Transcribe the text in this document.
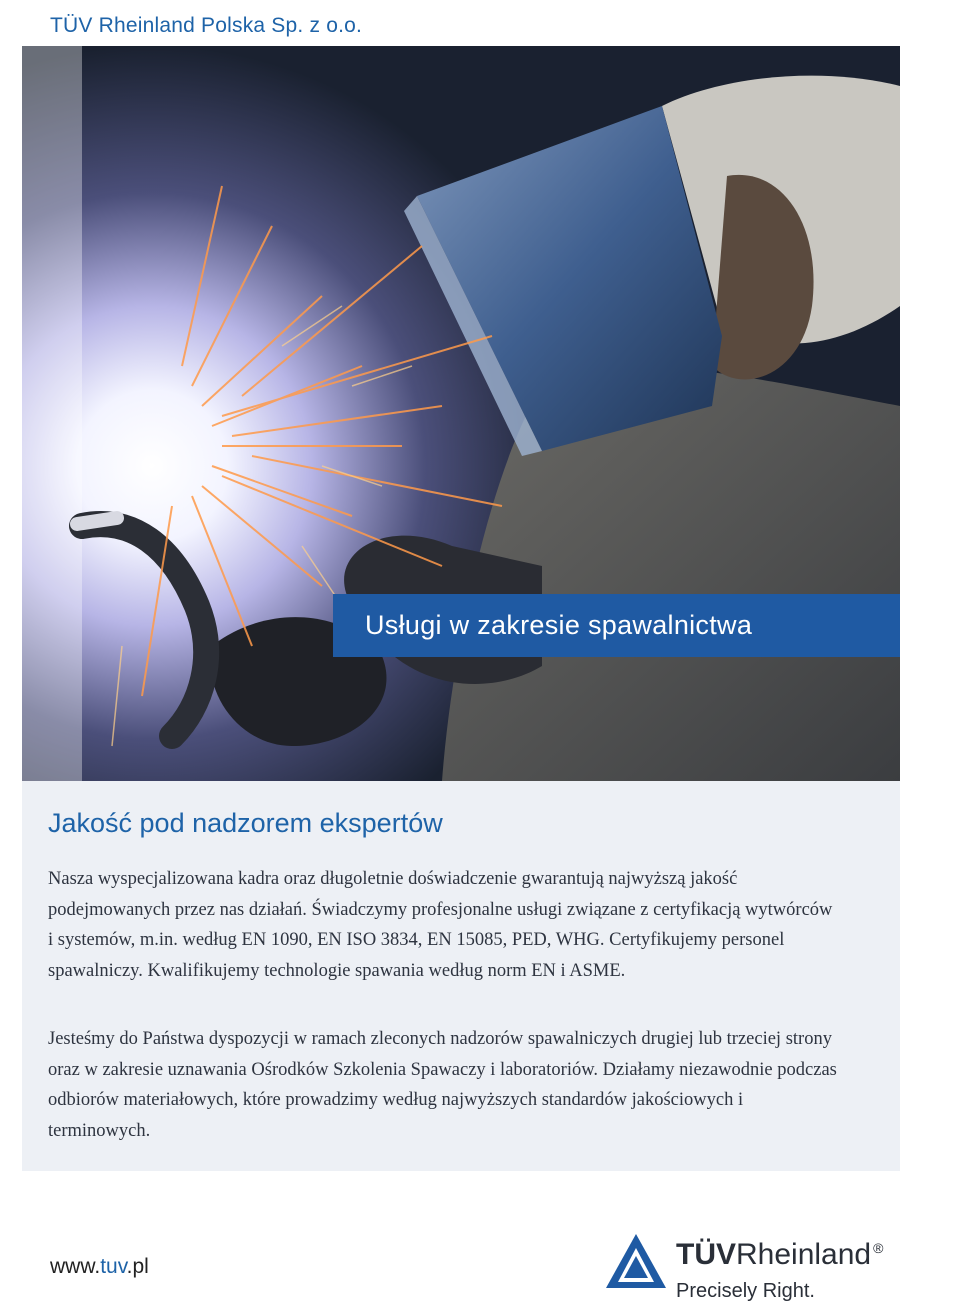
TÜV Rheinland Polska Sp. z o.o.
Usługi w zakresie spawalnictwa
Jakość pod nadzorem ekspertów

Nasza wyspecjalizowana kadra oraz długoletnie doświadczenie gwarantują najwyższą jakość podejmowanych przez nas działań. Świadczymy profesjonalne usługi związane z certyfikacją wytwórców i systemów, m.in. według EN 1090, EN ISO 3834, EN 15085, PED, WHG. Certyfikujemy personel spawalniczy. Kwalifikujemy technologie spawania według norm EN i ASME.

Jesteśmy do Państwa dyspozycji w ramach zleconych nadzorów spawalniczych drugiej lub trzeciej strony oraz w zakresie uznawania Ośrodków Szkolenia Spawaczy i laboratoriów. Działamy niezawodnie podczas odbiorów materiałowych, które prowadzimy według najwyższych standardów jakościowych i terminowych.

www.tuv.pl	TÜVRheinland ®
Precisely Right.
